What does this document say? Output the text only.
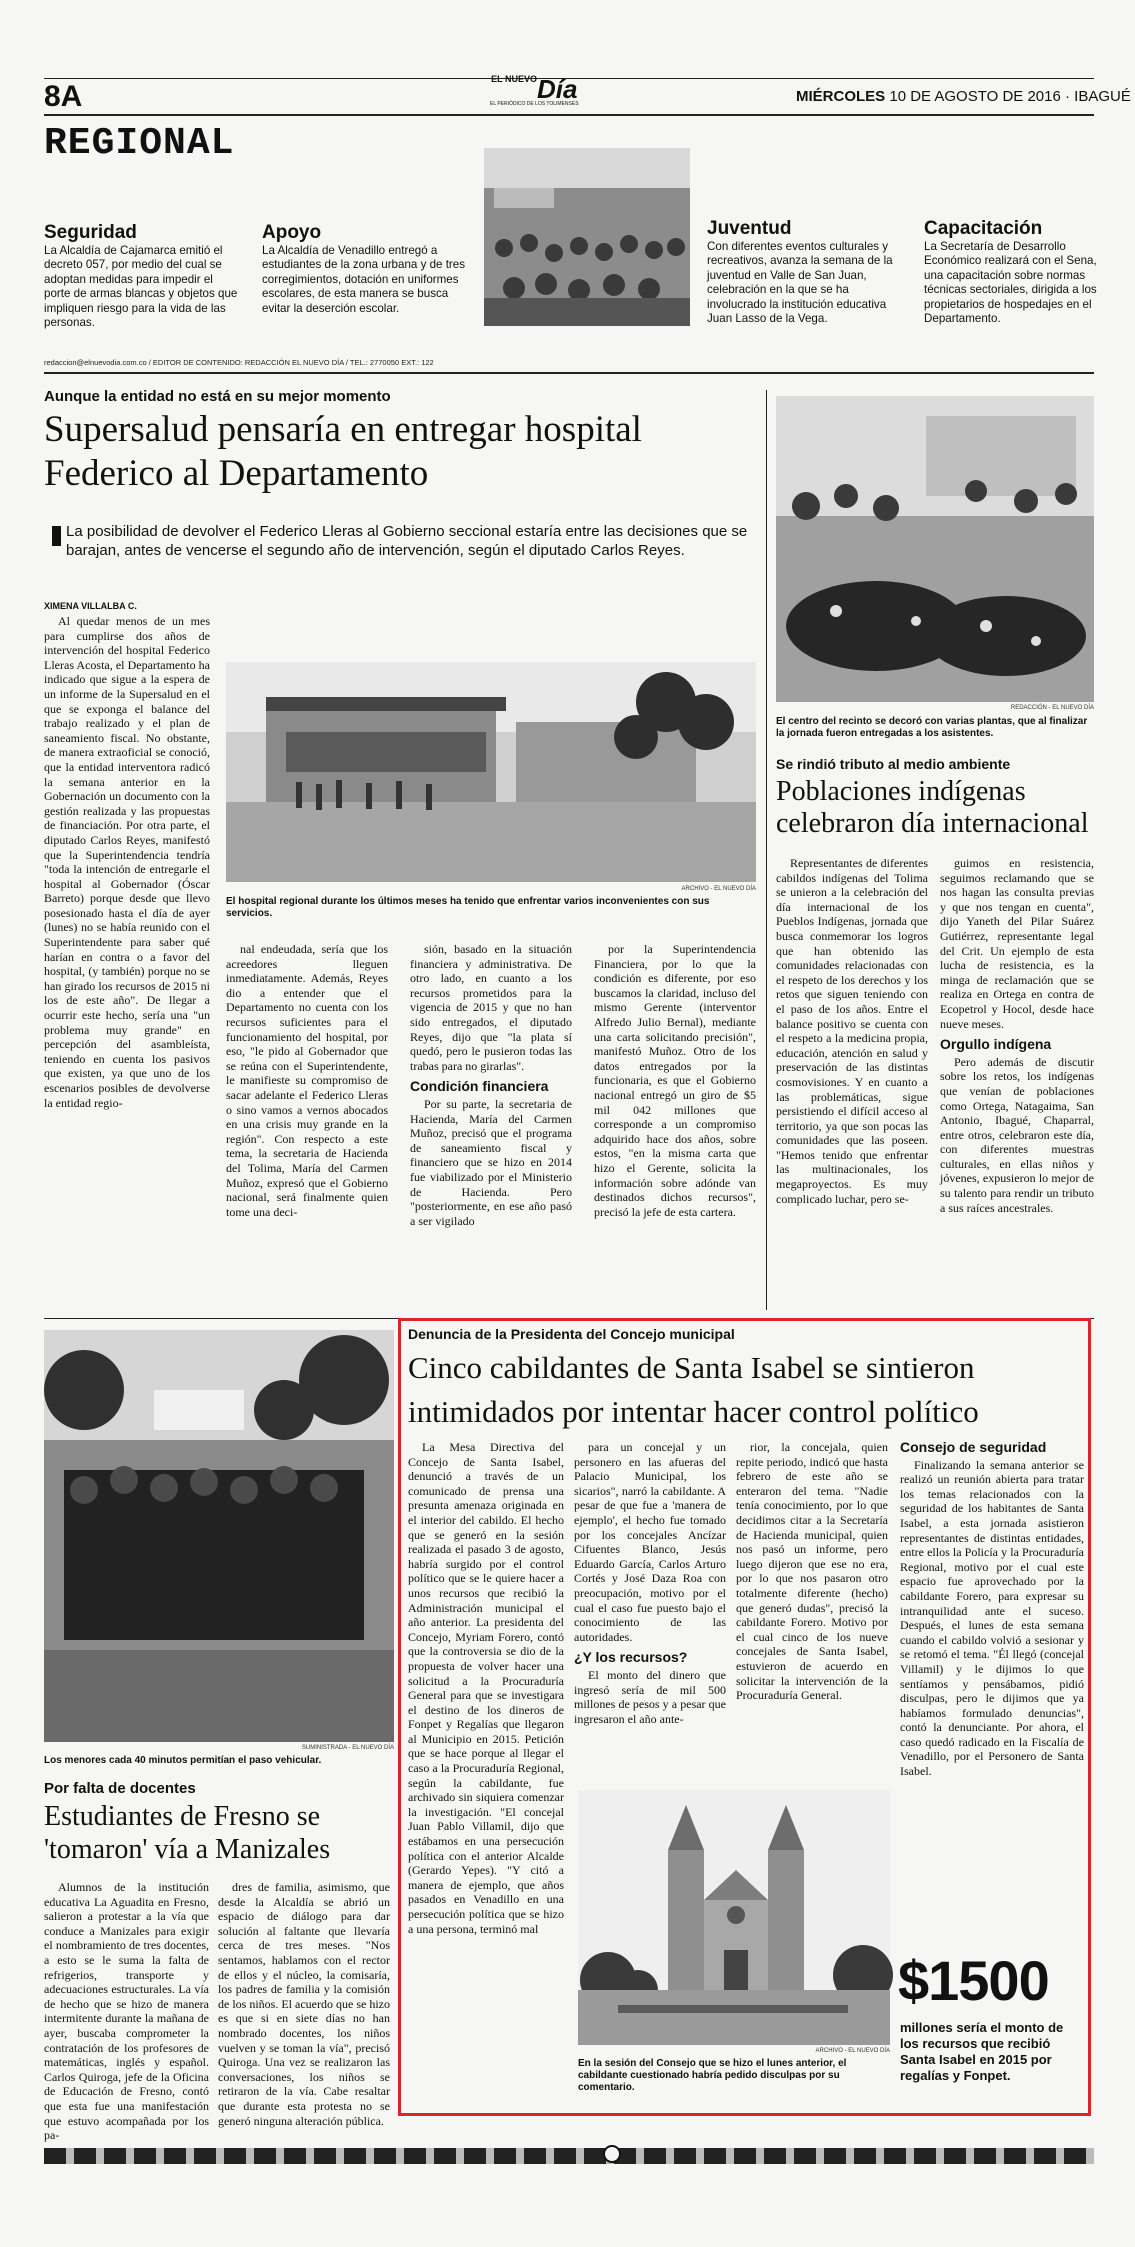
8A
$^{EL NUEVO}$Día
EL PERIÓDICO DE LOS TOLIMENSES	MIÉRCOLES 10 DE AGOSTO DE 2016 · IBAGUÉ
REGIONAL
Seguridad
La Alcaldía de Cajamarca emitió el decreto 057, por medio del cual se adoptan medidas para impedir el porte de armas blancas y objetos que impliquen riesgo para la vida de las personas.
Apoyo
La Alcaldía de Venadillo entregó a estudiantes de la zona urbana y de tres corregimientos, dotación en uniformes escolares, de esta manera se busca evitar la deserción escolar.
Juventud
Con diferentes eventos culturales y recreativos, avanza la semana de la juventud en Valle de San Juan, celebración en la que se ha involucrado la institución educativa Juan Lasso de la Vega.
Capacitación
La Secretaría de Desarrollo Económico realizará con el Sena, una capacitación sobre normas técnicas sectoriales, dirigida a los propietarios de hospedajes en el Departamento.
redaccion@elnuevodia.com.co / EDITOR DE CONTENIDO: REDACCIÓN EL NUEVO DÍA / TEL.: 2770050 EXT.: 122
Aunque la entidad no está en su mejor momento
Supersalud pensaría en entregar hospital Federico al Departamento
La posibilidad de devolver el Federico Lleras al Gobierno seccional estaría entre las decisiones que se barajan, antes de vencerse el segundo año de intervención, según el diputado Carlos Reyes.
XIMENA VILLALBA C.

Al quedar menos de un mes para cumplirse dos años de intervención del hospital Federico Lleras Acosta, el Departamento ha indicado que sigue a la espera de un informe de la Supersalud en el que se exponga el balance del trabajo realizado y el plan de saneamiento fiscal. No obstante, de manera extraoficial se conoció, que la entidad interventora radicó la semana anterior en la Gobernación un documento con la gestión realizada y las propuestas de financiación. Por otra parte, el diputado Carlos Reyes, manifestó que la Superintendencia tendría "toda la intención de entregarle el hospital al Gobernador (Óscar Barreto) porque desde que llevo posesionado hasta el día de ayer (lunes) no se había reunido con el Superintendente para saber qué harían en contra o a favor del hospital, (y también) porque no se han girado los recursos de 2015 ni los de este año". De llegar a ocurrir este hecho, sería una "un problema muy grande" en percepción del asambleísta, teniendo en cuenta los pasivos que existen, ya que uno de los escenarios posibles de devolverse la entidad regio-

ARCHIVO - EL NUEVO DÍA
El hospital regional durante los últimos meses ha tenido que enfrentar varios inconvenientes con sus servicios.

nal endeudada, sería que los acreedores lleguen inmediatamente. Además, Reyes dio a entender que el Departamento no cuenta con los recursos suficientes para el funcionamiento del hospital, por eso, "le pido al Gobernador que se reúna con el Superintendente, le manifieste su compromiso de sacar adelante el Federico Lleras o sino vamos a vernos abocados en una crisis muy grande en la región". Con respecto a este tema, la secretaria de Hacienda del Tolima, María del Carmen Muñoz, expresó que el Gobierno nacional, será finalmente quien tome una deci-

sión, basado en la situación financiera y administrativa. De otro lado, en cuanto a los recursos prometidos para la vigencia de 2015 y que no han sido entregados, el diputado Reyes, dijo que "la plata sí quedó, pero le pusieron todas las trabas para no girarlas".

Condición financiera

Por su parte, la secretaria de Hacienda, María del Carmen Muñoz, precisó que el programa de saneamiento fiscal y financiero que se hizo en 2014 fue viabilizado por el Ministerio de Hacienda. Pero "posteriormente, en ese año pasó a ser vigilado

por la Superintendencia Financiera, por lo que la condición es diferente, por eso buscamos la claridad, incluso del mismo Gerente (interventor Alfredo Julio Bernal), mediante una carta solicitando precisión", manifestó Muñoz. Otro de los datos entregados por la funcionaria, es que el Gobierno nacional entregó un giro de $5 mil 042 millones que corresponde a un compromiso adquirido hace dos años, sobre estos, "en la misma carta que hizo el Gerente, solicita la información sobre adónde van destinados dichos recursos", precisó la jefe de esta cartera.

REDACCIÓN - EL NUEVO DÍA
El centro del recinto se decoró con varias plantas, que al finalizar la jornada fueron entregadas a los asistentes.
Se rindió tributo al medio ambiente
Poblaciones indígenas celebraron día internacional

Representantes de diferentes cabildos indígenas del Tolima se unieron a la celebración del día internacional de los Pueblos Indígenas, jornada que busca conmemorar los logros que han obtenido las comunidades relacionadas con el respeto de los derechos y los retos que siguen teniendo con el paso de los años. Entre el balance positivo se cuenta con el respeto a la medicina propia, educación, atención en salud y preservación de las distintas cosmovisiones. Y en cuanto a las problemáticas, sigue persistiendo el difícil acceso al territorio, ya que son pocas las comunidades que las poseen. "Hemos tenido que enfrentar las multinacionales, los megaproyectos. Es muy complicado luchar, pero se-

guimos en resistencia, seguimos reclamando que se nos hagan las consulta previas y que nos tengan en cuenta", dijo Yaneth del Pilar Suárez Gutiérrez, representante legal del Crit. Un ejemplo de esta lucha de resistencia, es la minga de reclamación que se realiza en Ortega en contra de Ecopetrol y Hocol, desde hace nueve meses.

Orgullo indígena

Pero además de discutir sobre los retos, los indígenas que venían de poblaciones como Ortega, Natagaima, San Antonio, Ibagué, Chaparral, entre otros, celebraron este día, con diferentes muestras culturales, en ellas niños y jóvenes, expusieron lo mejor de su talento para rendir un tributo a sus raíces ancestrales.

SUMINISTRADA - EL NUEVO DÍA
Los menores cada 40 minutos permitían el paso vehicular.
Por falta de docentes
Estudiantes de Fresno se 'tomaron' vía a Manizales

Alumnos de la institución educativa La Aguadita en Fresno, salieron a protestar a la vía que conduce a Manizales para exigir el nombramiento de tres docentes, a esto se le suma la falta de refrigerios, transporte y adecuaciones estructurales. La vía de hecho que se hizo de manera intermitente durante la mañana de ayer, buscaba comprometer la contratación de los profesores de matemáticas, inglés y español. Carlos Quiroga, jefe de la Oficina de Educación de Fresno, contó que esta fue una manifestación que estuvo acompañada por los pa-

dres de familia, asimismo, que desde la Alcaldía se abrió un espacio de diálogo para dar solución al faltante que llevaría cerca de tres meses. "Nos sentamos, hablamos con el rector de ellos y el núcleo, la comisaría, los padres de familia y la comisión de los niños. El acuerdo que se hizo es que si en siete días no han nombrado docentes, los niños vuelven y se toman la vía", precisó Quiroga. Una vez se realizaron las conversaciones, los niños se retiraron de la vía. Cabe resaltar que durante esta protesta no se generó ninguna alteración pública.

Denuncia de la Presidenta del Concejo municipal
Cinco cabildantes de Santa Isabel se sintieron intimidados por intentar hacer control político

La Mesa Directiva del Concejo de Santa Isabel, denunció a través de un comunicado de prensa una presunta amenaza originada en el interior del cabildo. El hecho que se generó en la sesión realizada el pasado 3 de agosto, habría surgido por el control político que se le quiere hacer a unos recursos que recibió la Administración municipal el año anterior. La presidenta del Concejo, Myriam Forero, contó que la controversia se dio de la propuesta de volver hacer una solicitud a la Procuraduría General para que se investigara el destino de los dineros de Fonpet y Regalías que llegaron al Municipio en 2015. Petición que se hace porque al llegar el caso a la Procuraduría Regional, según la cabildante, fue archivado sin siquiera comenzar la investigación. "El concejal Juan Pablo Villamil, dijo que estábamos en una persecución política con el anterior Alcalde (Gerardo Yepes). "Y citó a manera de ejemplo, que años pasados en Venadillo en una persecución política que se hizo a una persona, terminó mal

para un concejal y un personero en las afueras del Palacio Municipal, los sicarios", narró la cabildante. A pesar de que fue a 'manera de ejemplo', el hecho fue tomado por los concejales Ancízar Cifuentes Blanco, Jesús Eduardo García, Carlos Arturo Cortés y José Daza Roa con preocupación, motivo por el cual el caso fue puesto bajo el conocimiento de las autoridades.

¿Y los recursos?

El monto del dinero que ingresó sería de mil 500 millones de pesos y a pesar que ingresaron el año ante-

rior, la concejala, quien repite periodo, indicó que hasta febrero de este año se enteraron del tema. "Nadie tenía conocimiento, por lo que decidimos citar a la Secretaría de Hacienda municipal, quien nos pasó un informe, pero luego dijeron que ese no era, por lo que nos pasaron otro totalmente diferente (hecho) que generó dudas", precisó la cabildante Forero. Motivo por el cual cinco de los nueve concejales de Santa Isabel, estuvieron de acuerdo en solicitar la intervención de la Procuraduría General.

Consejo de seguridad

Finalizando la semana anterior se realizó un reunión abierta para tratar los temas relacionados con la seguridad de los habitantes de Santa Isabel, a esta jornada asistieron representantes de distintas entidades, entre ellos la Policía y la Procuraduría Regional, motivo por el cual este espacio fue aprovechado por la cabildante Forero, para expresar su intranquilidad ante el suceso. Después, el lunes de esta semana cuando el cabildo volvió a sesionar y se retomó el tema. "Él llegó (concejal Villamil) y le dijimos lo que sentíamos y pensábamos, pidió disculpas, pero le dijimos que ya habíamos formulado denuncias", contó la denunciante. Por ahora, el caso quedó radicado en la Fiscalía de Venadillo, por el Personero de Santa Isabel.

ARCHIVO - EL NUEVO DÍA
En la sesión del Consejo que se hizo el lunes anterior, el cabildante cuestionado habría pedido disculpas por su comentario.
$1500
millones sería el monto de los recursos que recibió Santa Isabel en 2015 por regalías y Fonpet.
